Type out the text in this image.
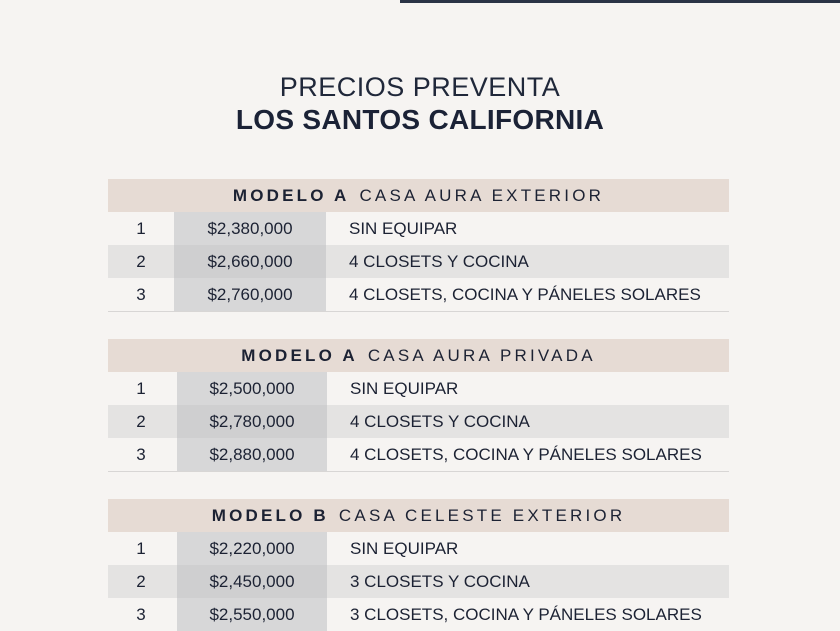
PRECIOS PREVENTA
LOS SANTOS CALIFORNIA
MODELO A CASA AURA EXTERIOR
1	$2,380,000	SIN EQUIPAR
2	$2,660,000	4 CLOSETS Y COCINA
3	$2,760,000	4 CLOSETS, COCINA Y PÁNELES SOLARES
MODELO A CASA AURA PRIVADA
1	$2,500,000	SIN EQUIPAR
2	$2,780,000	4 CLOSETS Y COCINA
3	$2,880,000	4 CLOSETS, COCINA Y PÁNELES SOLARES
MODELO B CASA CELESTE EXTERIOR
1	$2,220,000	SIN EQUIPAR
2	$2,450,000	3 CLOSETS Y COCINA
3	$2,550,000	3 CLOSETS, COCINA Y PÁNELES SOLARES
